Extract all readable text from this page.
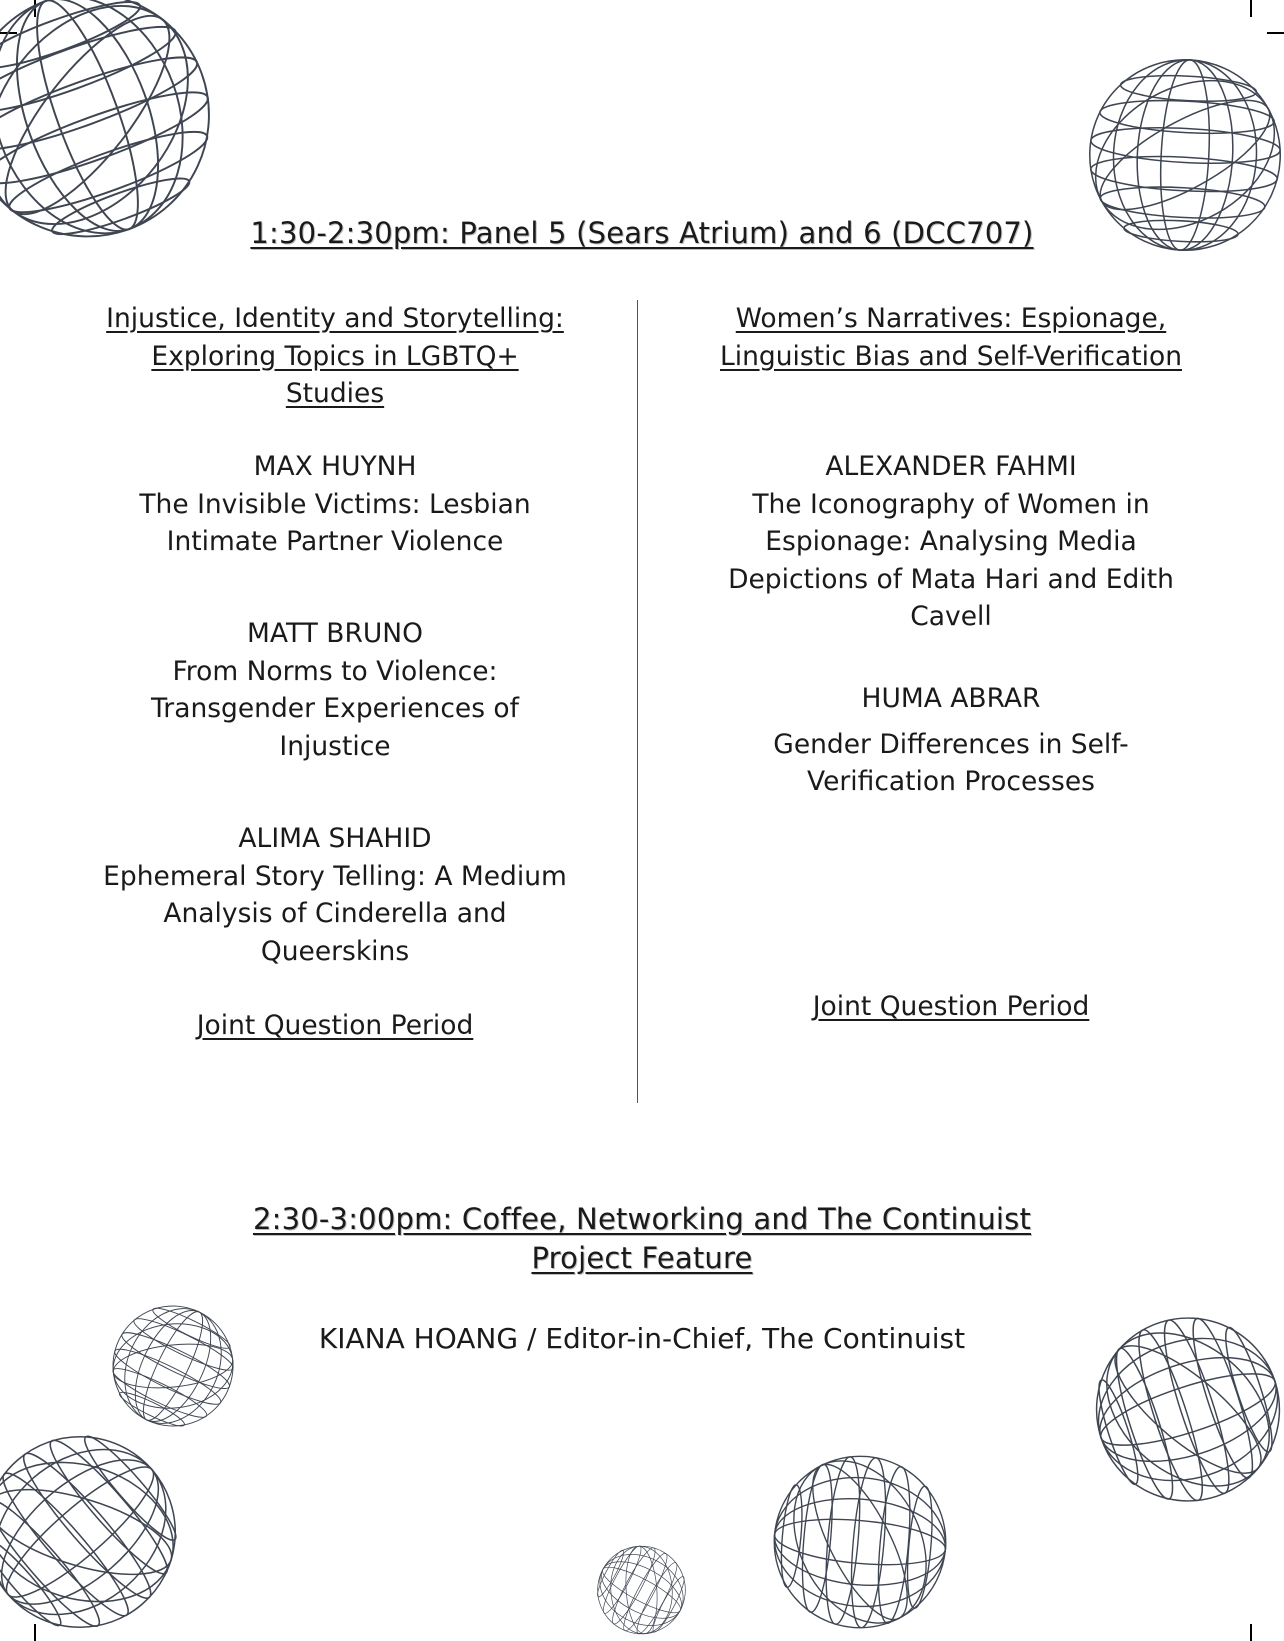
1:30-2:30pm: Panel 5 (Sears Atrium) and 6 (DCC707)

Injustice, Identity and Storytelling:
Exploring Topics in LGBTQ+
Studies

MAX HUYNH
The Invisible Victims: Lesbian
Intimate Partner Violence
MATT BRUNO
From Norms to Violence:
Transgender Experiences of
Injustice
ALIMA SHAHID
Ephemeral Story Telling: A Medium
Analysis of Cinderella and
Queerskins
Joint Question Period

Women’s Narratives: Espionage,
Linguistic Bias and Self-Verification

ALEXANDER FAHMI
The Iconography of Women in
Espionage: Analysing Media
Depictions of Mata Hari and Edith
Cavell
HUMA ABRAR
Gender Differences in Self-
Verification Processes
Joint Question Period
2:30-3:00pm: Coffee, Networking and The Continuist
Project Feature
KIANA HOANG / Editor-in-Chief, The Continuist
